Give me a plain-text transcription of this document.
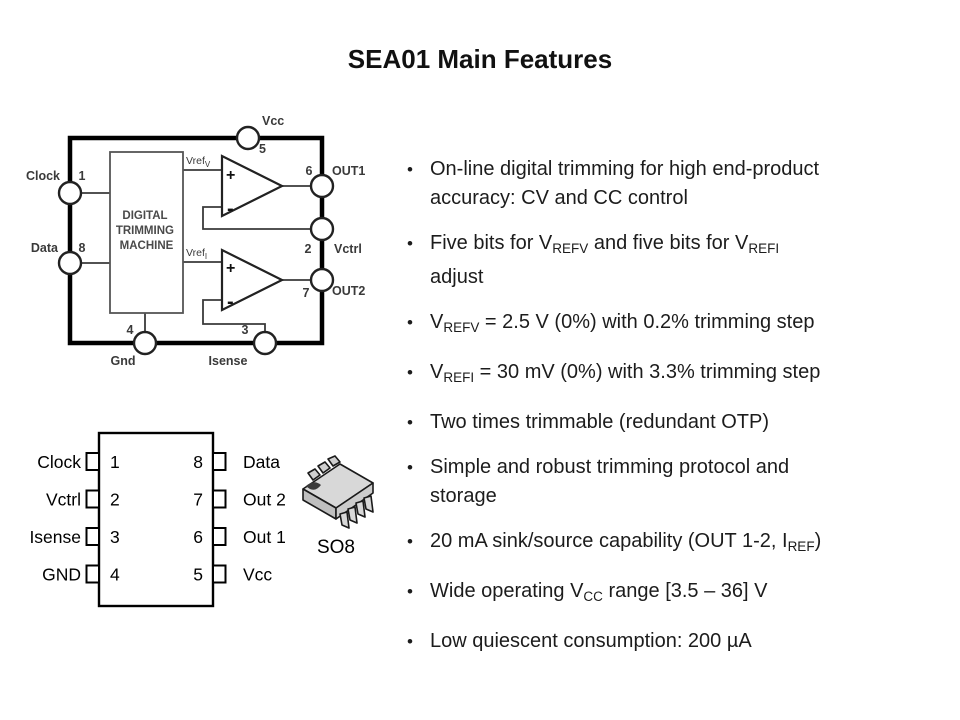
SEA01 Main Features
DIGITAL TRIMMING MACHINE
+
-
+
-
Vref$_V$
Vref$_I$
Vcc
5
Clock 1
Data 8
6 OUT1
2 Vctrl
7 OUT2
4
Gnd
3
Isense
1
2
3
4
8
7
6
5
Clock
Vctrl
Isense
GND
Data
Out 2
Out 1
Vcc
SO8
• On-line digital trimming for high end-product
accuracy: CV and CC control
• Five bits for $V_{REFV}$ and five bits for $V_{REFI}$
adjust
• $V_{REFV} = 2.5$ V (0%) with 0.2% trimming step
• $V_{REFI} = 30$ mV (0%) with 3.3% trimming step
• Two times trimmable (redundant OTP)
• Simple and robust trimming protocol and
storage
• 20 mA sink/source capability (OUT 1-2, $I_{REF}$)
• Wide operating $V_{CC}$ range [3.5 – 36] V
• Low quiescent consumption: 200 µA
